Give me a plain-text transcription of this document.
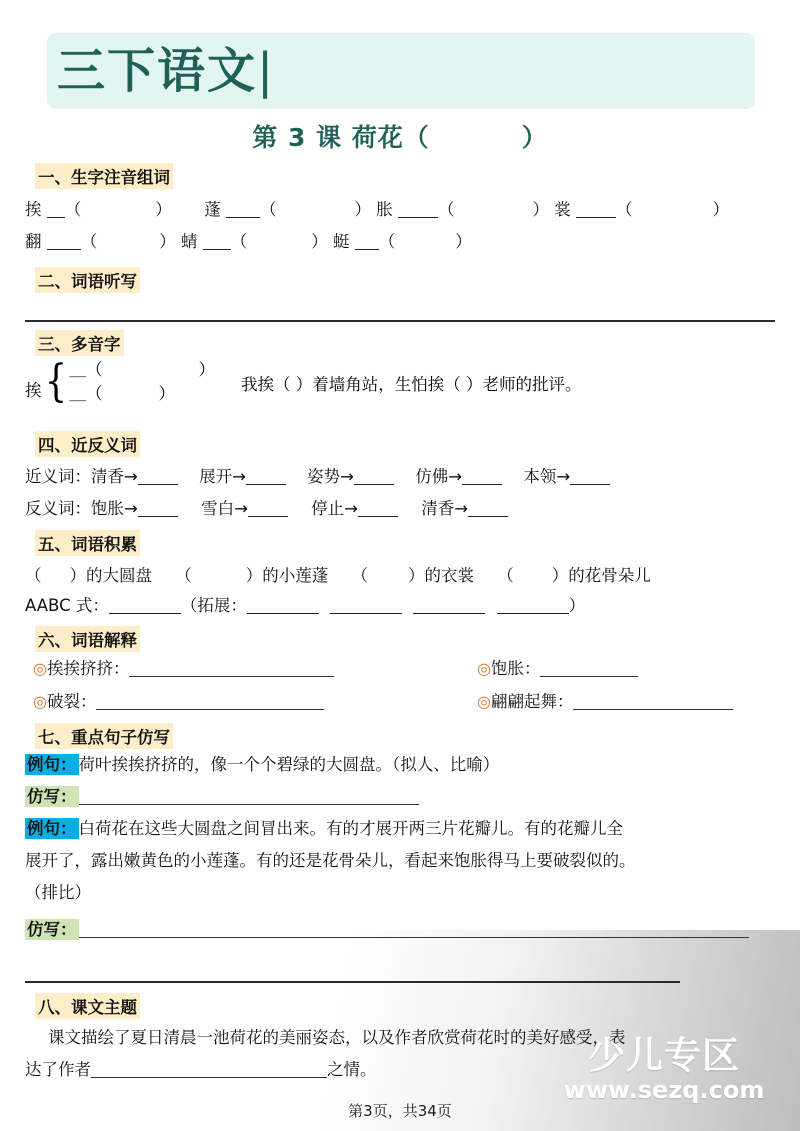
三下语文|
第 3 课 荷花（	）
一、生字注音组词
挨 （	）  蓬 （	） 胀 （	） 裳 （	）
翻 （	） 蜻 （	） 蜓 （	）
二、词语听写
三、多音字
挨{ ＿（	）
＿（	）	我挨（ ）着墙角站，生怕挨（ ）老师的批评。
四、近反义词
近义词：清香→	展开→	姿势→	仿佛→	本领→
反义词：饱胀→	雪白→	停止→	清香→
五、词语积累
（ ）的大圆盘 （	）的小莲蓬 （ ）的衣裳 （ ）的花骨朵儿
AABC 式：	（拓展：	）
六、词语解释
◎挨挨挤挤：	◎饱胀：
◎破裂：	◎翩翩起舞：
七、重点句子仿写
例句： 荷叶挨挨挤挤的，像一个个碧绿的大圆盘。（拟人、比喻）
仿写：
例句： 白荷花在这些大圆盘之间冒出来。有的才展开两三片花瓣儿。有的花瓣儿全
展开了，露出嫩黄色的小莲蓬。有的还是花骨朵儿，看起来饱胀得马上要破裂似的。
（排比）
仿写：
八、课文主题
课文描绘了夏日清晨一池荷花的美丽姿态，以及作者欣赏荷花时的美好感受，表
达了作者	之情。	少儿专区
www.sezq.com
第3页，共34页
